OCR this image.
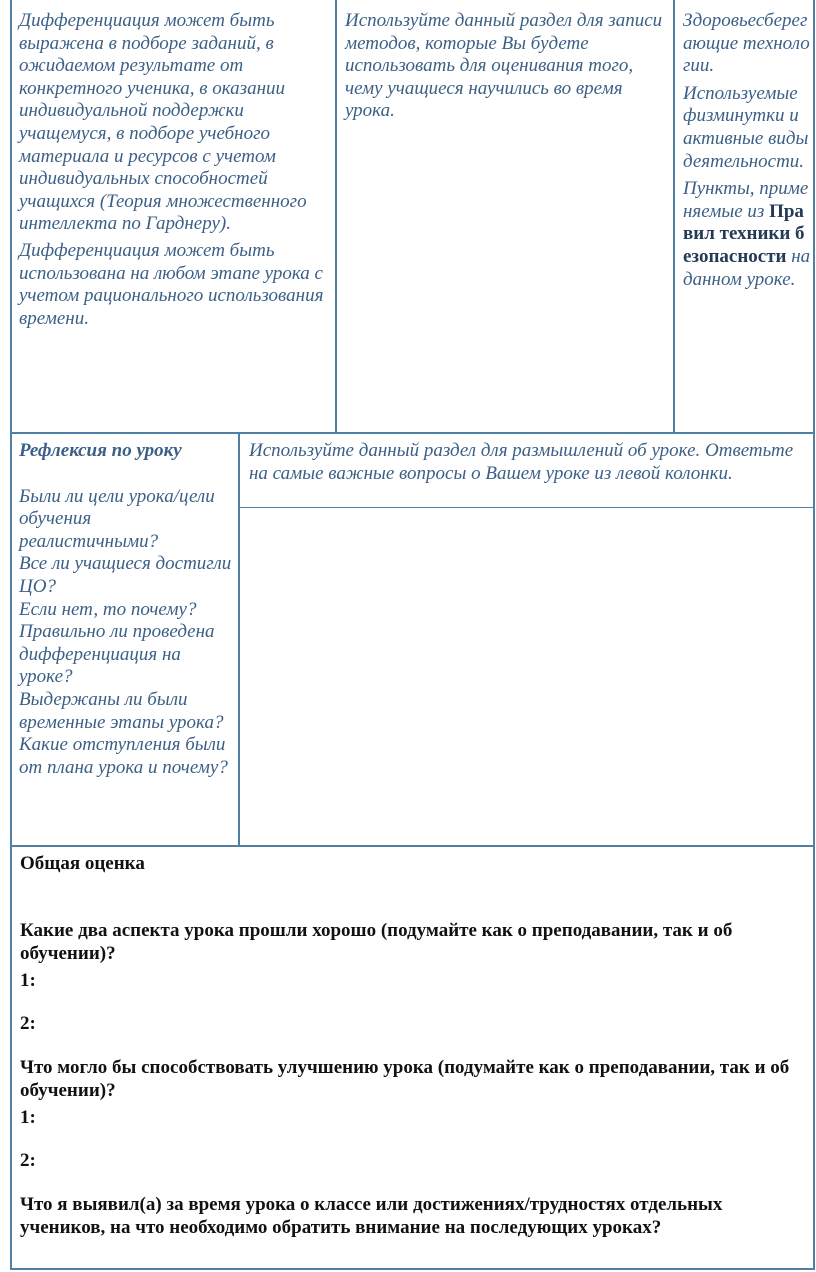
Дифференциация может быть выражена в подборе заданий, в ожидаемом результате от конкретного ученика, в оказании индивидуальной поддержки учащемуся, в подборе учебного материала и ресурсов с учетом индивидуальных способностей учащихся (Теория множественного интеллекта по Гарднеру).

Дифференциация может быть использована на любом этапе урока с учетом рационального использования времени.

Используйте данный раздел для записи методов, которые Вы будете использовать для оценивания того, чему учащиеся научились во время урока.

Здоровьесберегающие технологии.

Используемые физминутки и активные виды деятельности.

Пункты, применяемые из Правил техники безопасности на данном уроке.

Рефлексия по уроку

Были ли цели урока/цели обучения реалистичными?

Все ли учащиеся достигли ЦО?

Если нет, то почему?

Правильно ли проведена дифференциация на уроке?

Выдержаны ли были временные этапы урока?

Какие отступления были от плана урока и почему?

Используйте данный раздел для размышлений об уроке. Ответьте на самые важные вопросы о Вашем уроке из левой колонки.

Общая оценка

Какие два аспекта урока прошли хорошо (подумайте как о преподавании, так и об обучении)?

1:

2:

Что могло бы способствовать улучшению урока (подумайте как о преподавании, так и об обучении)?

1:

2:

Что я выявил(а) за время урока о классе или достижениях/трудностях отдельных учеников, на что необходимо обратить внимание на последующих уроках?
